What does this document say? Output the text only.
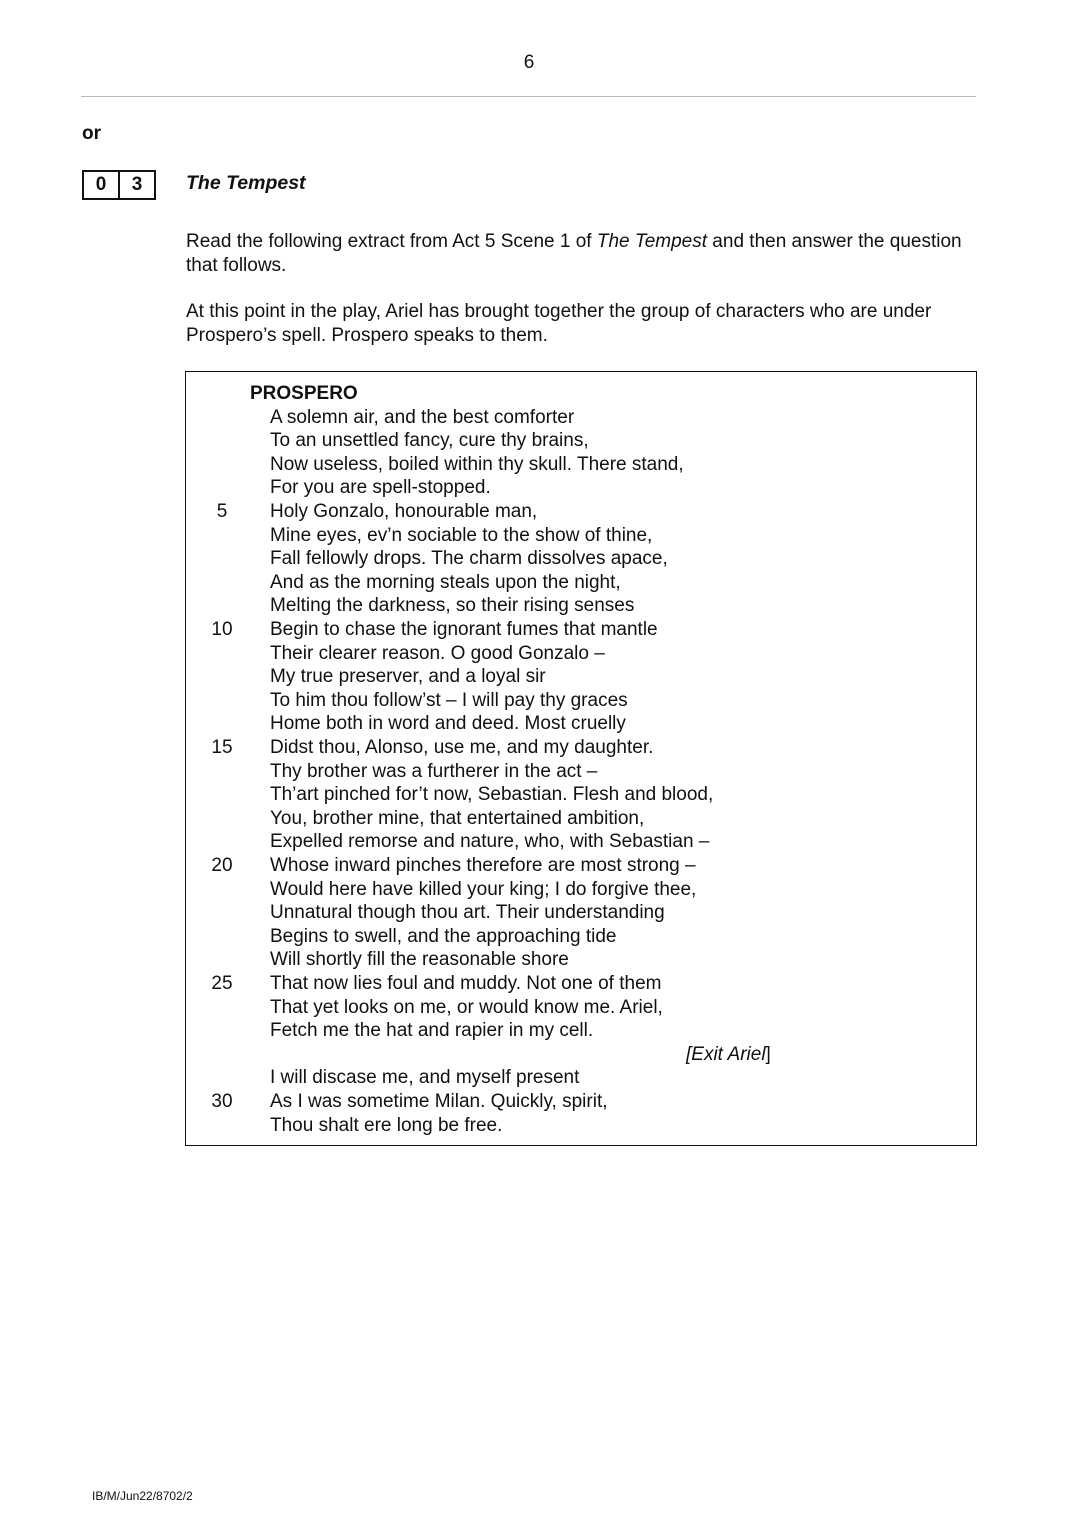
6
or
0	3	The Tempest
Read the following extract from Act 5 Scene 1 of The Tempest and then answer the question that follows.
At this point in the play, Ariel has brought together the group of characters who are under Prospero’s spell. Prospero speaks to them.
PROSPERO
A solemn air, and the best comforter
To an unsettled fancy, cure thy brains,
Now useless, boiled within thy skull. There stand,
For you are spell-stopped.
5	Holy Gonzalo, honourable man,
Mine eyes, ev’n sociable to the show of thine,
Fall fellowly drops. The charm dissolves apace,
And as the morning steals upon the night,
Melting the darkness, so their rising senses
10	Begin to chase the ignorant fumes that mantle
Their clearer reason. O good Gonzalo –
My true preserver, and a loyal sir
To him thou follow’st – I will pay thy graces
Home both in word and deed. Most cruelly
15	Didst thou, Alonso, use me, and my daughter.
Thy brother was a furtherer in the act –
Th’art pinched for’t now, Sebastian. Flesh and blood,
You, brother mine, that entertained ambition,
Expelled remorse and nature, who, with Sebastian –
20	Whose inward pinches therefore are most strong –
Would here have killed your king; I do forgive thee,
Unnatural though thou art. Their understanding
Begins to swell, and the approaching tide
Will shortly fill the reasonable shore
25	That now lies foul and muddy. Not one of them
That yet looks on me, or would know me. Ariel,
Fetch me the hat and rapier in my cell.
[Exit Ariel]
I will discase me, and myself present
30	As I was sometime Milan. Quickly, spirit,
Thou shalt ere long be free.
IB/M/Jun22/8702/2
